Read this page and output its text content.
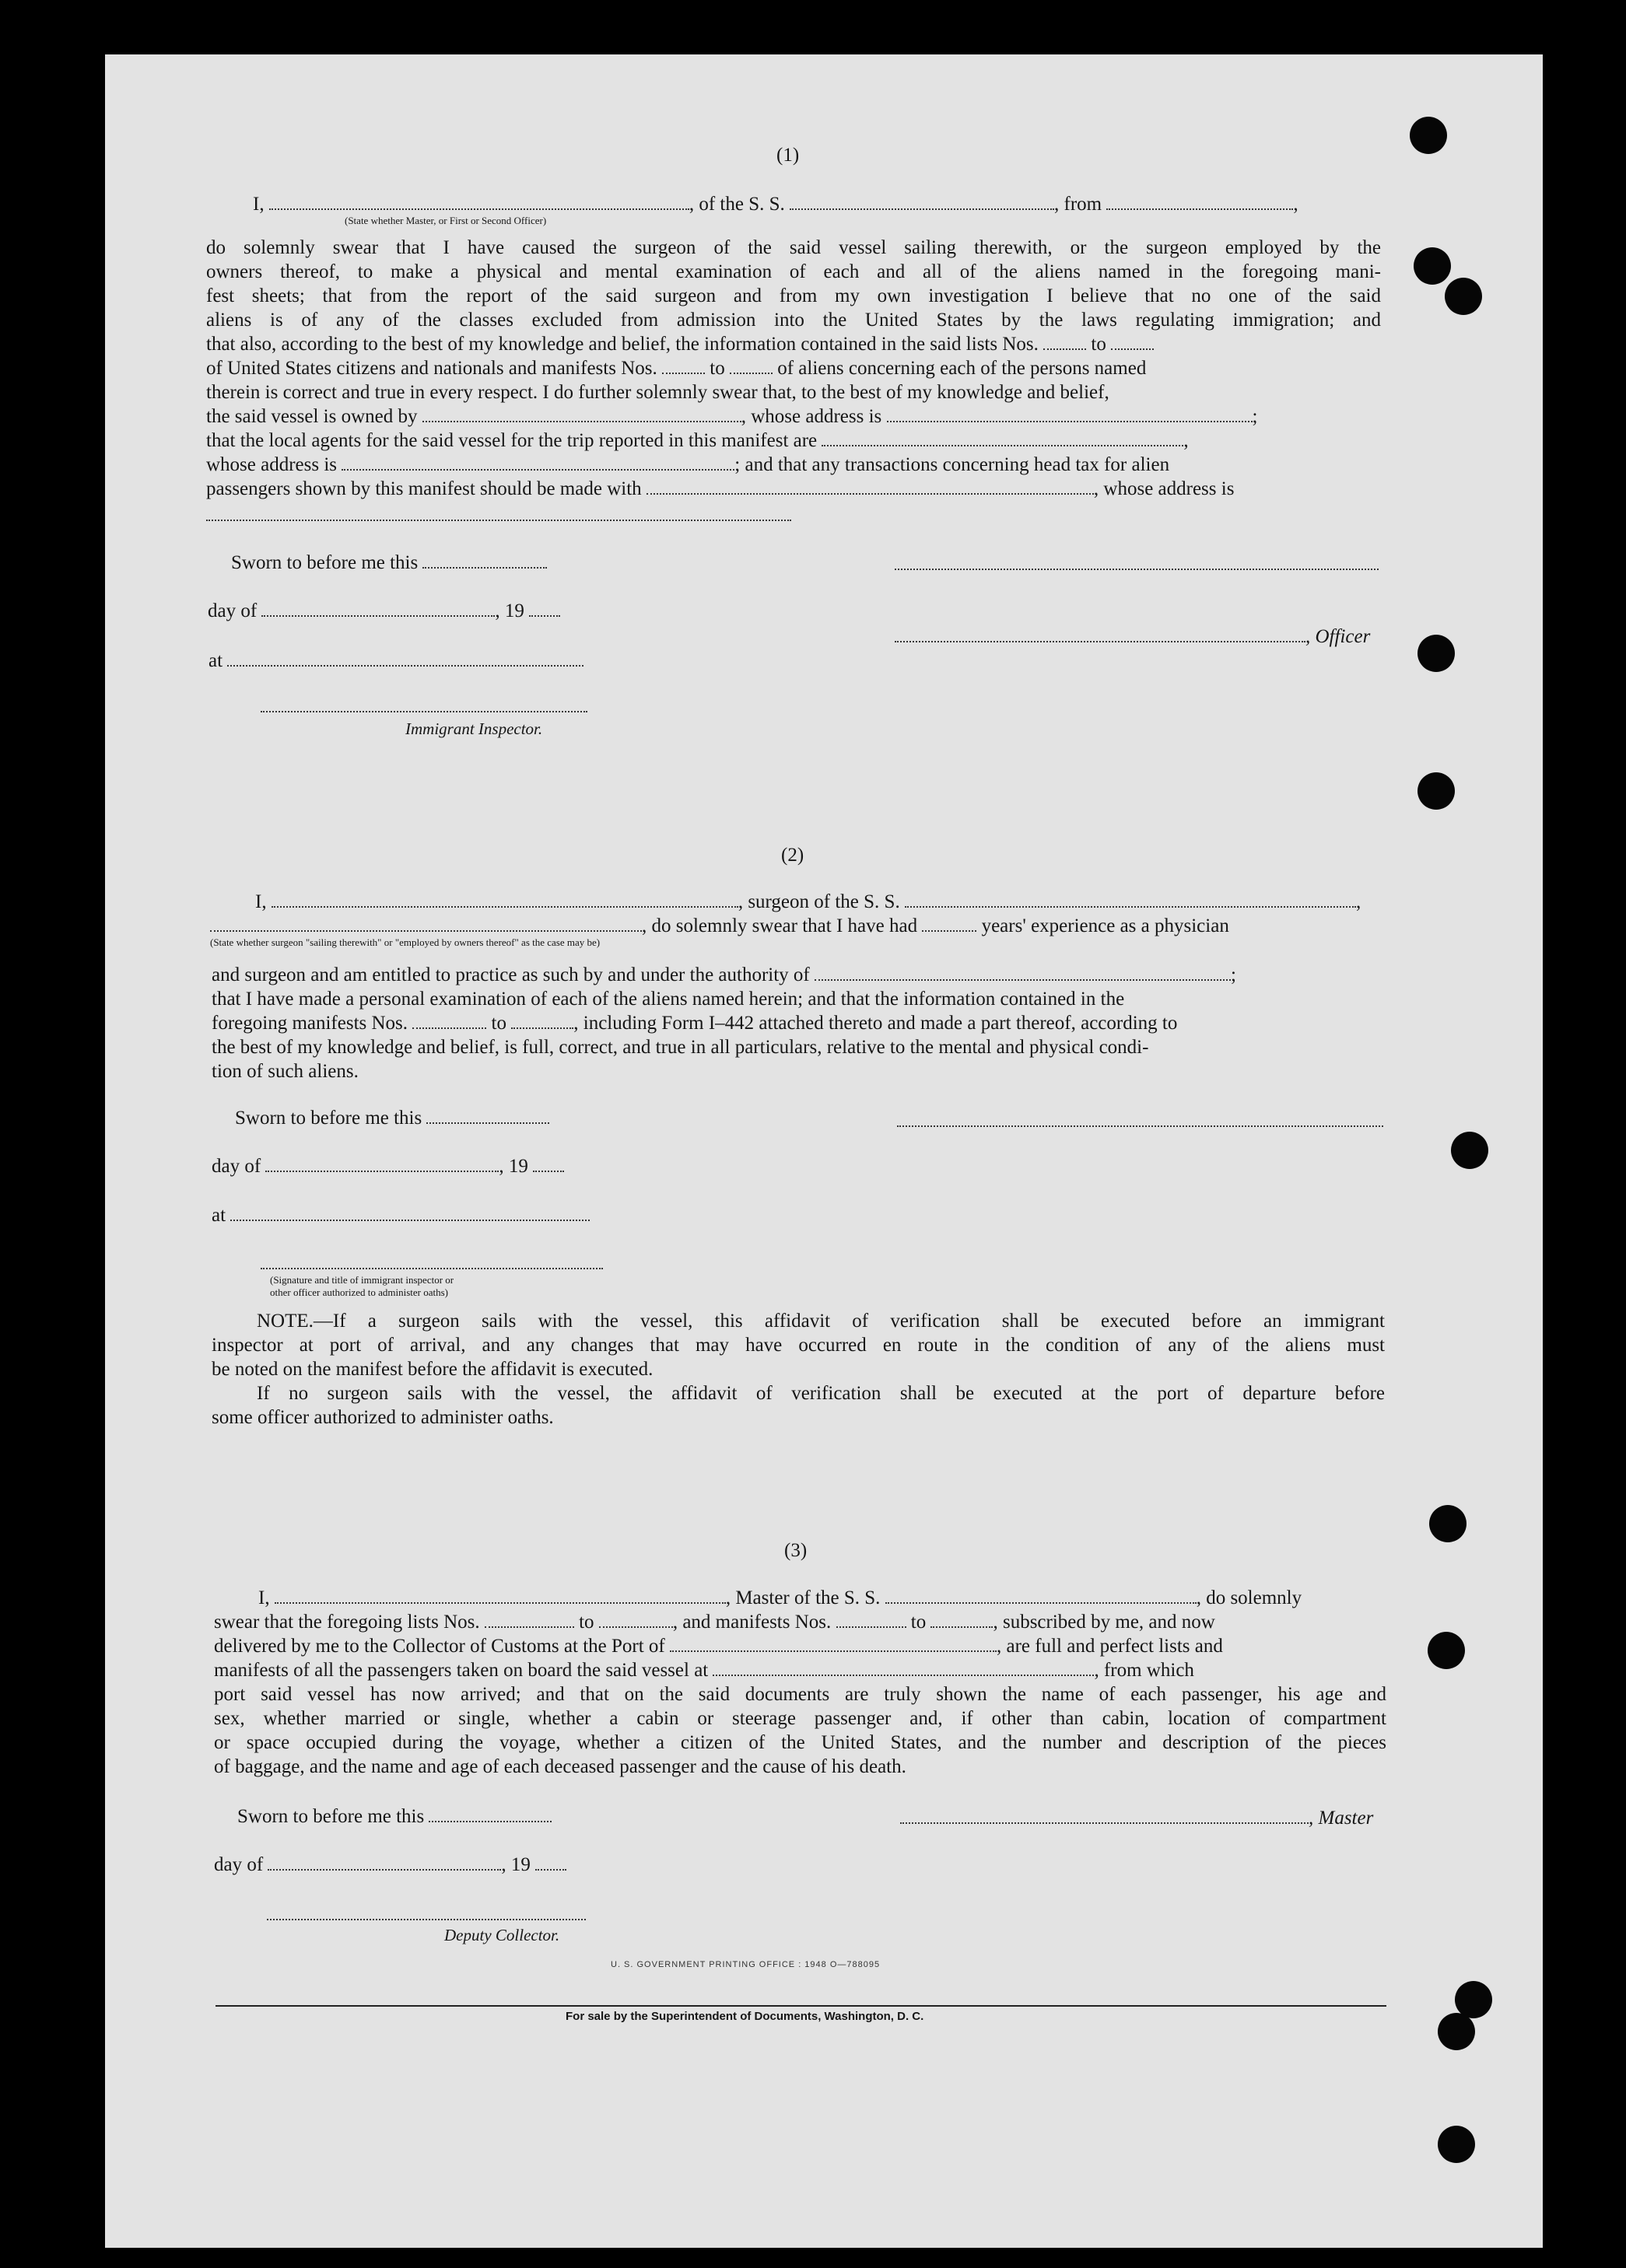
(1)
I,	, of the S. S.	, from	,
(State whether Master, or First or Second Officer)
do solemnly swear that I have caused the surgeon of the said vessel sailing therewith, or the surgeon employed by the
owners thereof, to make a physical and mental examination of each and all of the aliens named in the foregoing mani-
fest sheets; that from the report of the said surgeon and from my own investigation I believe that no one of the said
aliens is of any of the classes excluded from admission into the United States by the laws regulating immigration; and
that also, according to the best of my knowledge and belief, the information contained in the said lists Nos.	to
of United States citizens and nationals and manifests Nos.	to	of aliens concerning each of the persons named
therein is correct and true in every respect. I do further solemnly swear that, to the best of my knowledge and belief,
the said vessel is owned by	, whose address is	;
that the local agents for the said vessel for the trip reported in this manifest are	,
whose address is	; and that any transactions concerning head tax for alien
passengers shown by this manifest should be made with	, whose address is
Sworn to before me this
day of	, 19
, Officer
at
Immigrant Inspector.
(2)
I,	, surgeon of the S. S.	,
, do solemnly swear that I have had	years' experience as a physician
(State whether surgeon "sailing therewith" or "employed by owners thereof" as the case may be)
and surgeon and am entitled to practice as such by and under the authority of	;
that I have made a personal examination of each of the aliens named herein; and that the information contained in the
foregoing manifests Nos.	to	, including Form I–442 attached thereto and made a part thereof, according to
the best of my knowledge and belief, is full, correct, and true in all particulars, relative to the mental and physical condi-
tion of such aliens.
Sworn to before me this
day of	, 19
at
(Signature and title of immigrant inspector or
other officer authorized to administer oaths)
NOTE.—If a surgeon sails with the vessel, this affidavit of verification shall be executed before an immigrant
inspector at port of arrival, and any changes that may have occurred en route in the condition of any of the aliens must
be noted on the manifest before the affidavit is executed.
If no surgeon sails with the vessel, the affidavit of verification shall be executed at the port of departure before
some officer authorized to administer oaths.
(3)
I,	, Master of the S. S.	, do solemnly
swear that the foregoing lists Nos.	to	, and manifests Nos.	to	, subscribed by me, and now
delivered by me to the Collector of Customs at the Port of	, are full and perfect lists and
manifests of all the passengers taken on board the said vessel at	, from which
port said vessel has now arrived; and that on the said documents are truly shown the name of each passenger, his age and
sex, whether married or single, whether a cabin or steerage passenger and, if other than cabin, location of compartment
or space occupied during the voyage, whether a citizen of the United States, and the number and description of the pieces
of baggage, and the name and age of each deceased passenger and the cause of his death.
Sworn to before me this	, Master
day of	, 19
Deputy Collector.
U. S. GOVERNMENT PRINTING OFFICE : 1948 O—788095
For sale by the Superintendent of Documents, Washington, D. C.
